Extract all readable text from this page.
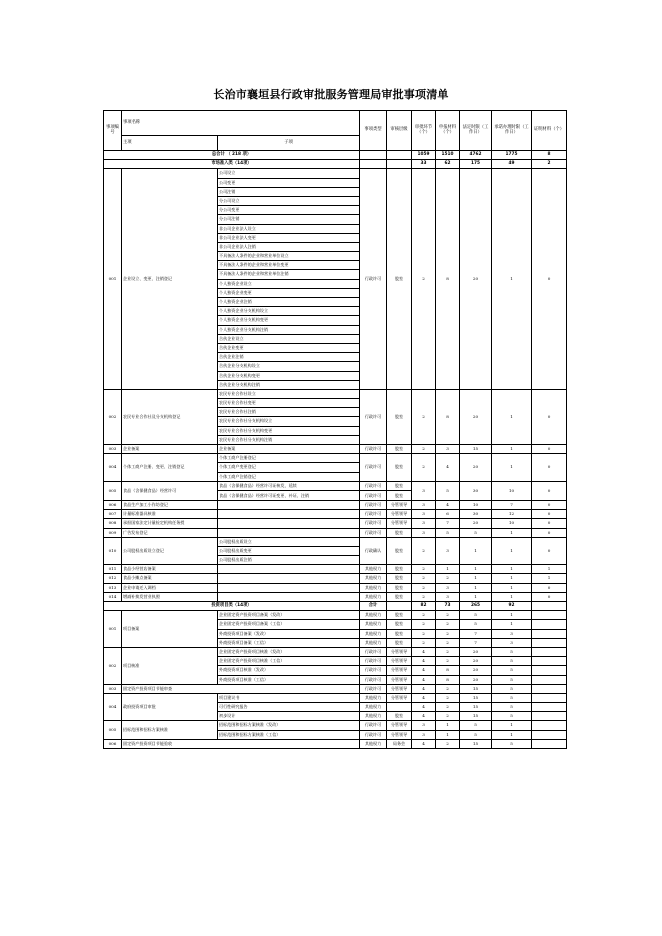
长治市襄垣县行政审批服务管理局审批事项清单
事项编号	事项名称		事项类型	审核层级	审批环节（个）	申报材料（个）	法定时限（工作日）	承诺办理时限（工作日）	证明材料（个）
	主项	子项							
总合计 （ 218 项）					1059	1510	4762	1775	8
市场准入类（14项）					33	62	175	49	2
001	企业设立、变更、注销登记	公司设立	行政许可	股室	2	8	20	1	0
		公司变更							
		公司注销							
		分公司设立							
		分公司变更							
		分公司注销							
		非公司企业法人设立							
		非公司企业法人变更							
		非公司企业法人注销							
		不具备法人条件的企业和营业单位设立							
		不具备法人条件的企业和营业单位变更							
		不具备法人条件的企业和营业单位注销							
		个人独资企业设立							
		个人独资企业变更							
		个人独资企业注销							
		个人独资企业分支机构设立							
		个人独资企业分支机构变更							
		个人独资企业分支机构注销							
		合伙企业设立							
		合伙企业变更							
		合伙企业注销							
		合伙企业分支机构设立							
		合伙企业分支机构变更							
		合伙企业分支机构注销							
002	农民专业合作社及分支机构登记	农民专业合作社设立	行政许可	股室	2	8	20	1	0
		农民专业合作社变更							
		农民专业合作社注销							
		农民专业合作社分支机构设立							
		农民专业合作社分支机构变更							
		农民专业合作社分支机构注销							
003	企业备案	企业备案	行政许可	股室	2	3	15	1	0
004	个体工商户注册、变更、注销登记	个体工商户注册登记	行政许可	股室	2	4	20	1	0
		个体工商户变更登记							
		个体工商户注销登记							
005	食品（含保健食品）经营许可	食品（含保健食品）经营许可证核发、延续	行政许可	股室	3	5	30	10	0
		食品（含保健食品）经营许可证变更、补证、注销	行政许可	股室					
006	食品生产加工小作坊登记		行政许可	分管领导	3	4	10	7	0
007	计量标准器具核准		行政许可	分管领导	3	6	30	12	0
008	承担国家法定计量检定机构任务授		行政许可	分管领导	3	7	20	10	0
009	广告发布登记		行政许可	股室	3	5	5	1	0
010	公司股权出质设立登记	公司股权出质设立	行政确认	股室	2	3	1	1	0
		公司股权出质变更							
		公司股权出质注销							
011	食品小经营店备案		其他权力	股室	2	1	1	1	1
012	食品小摊点备案		其他权力	股室	2	2	1	1	1
013	企业申请迁入调档		其他权力	股室	2	3	1	1	0
014	增减补换发营业执照		其他权力	股室	2	3	1	1	0
投资项目类（14项）			合计		82	73	265	92	
001	项目备案	企业固定资产投资项目备案（发改）	其他权力	股室	2	2	5	1	
		企业固定资产投资项目备案（工信）	其他权力	股室	2	2	5	1	
		外商投资项目备案（发改）	其他权力	股室	2	2	7	3	
		外商投资项目备案（工信）	其他权力	股室	2	2	7	3	
002	项目核准	企业固定资产投资项目核准（发改）	行政许可	分管领导	4	2	20	5	
		企业固定资产投资项目核准（工信）	行政许可	分管领导	4	2	20	5	
		外商投资项目核准（发改）	行政许可	分管领导	4	8	20	5	
		外商投资项目核准（工信）	行政许可	分管领导	4	8	20	5	
003	固定资产投资项目节能审查		行政许可	分管领导	4	2	15	5	
004	政府投资项目审批	项目建议书	其他权力	分管领导	4	2	15	5	
		可行性研究报告	其他权力		4	2	15	5	
		初步设计	其他权力	股室	4	2	15	5	
005	招标范围和招标方案核准	招标范围和招标方案核准（发改）	行政许可	分管领导	3	1	5	1	
		招标范围和招标方案核准（工信）	行政许可	分管领导	3	1	5	1	
006	固定资产投资项目节能验收		其他权力	局务会	4	2	15	5	
